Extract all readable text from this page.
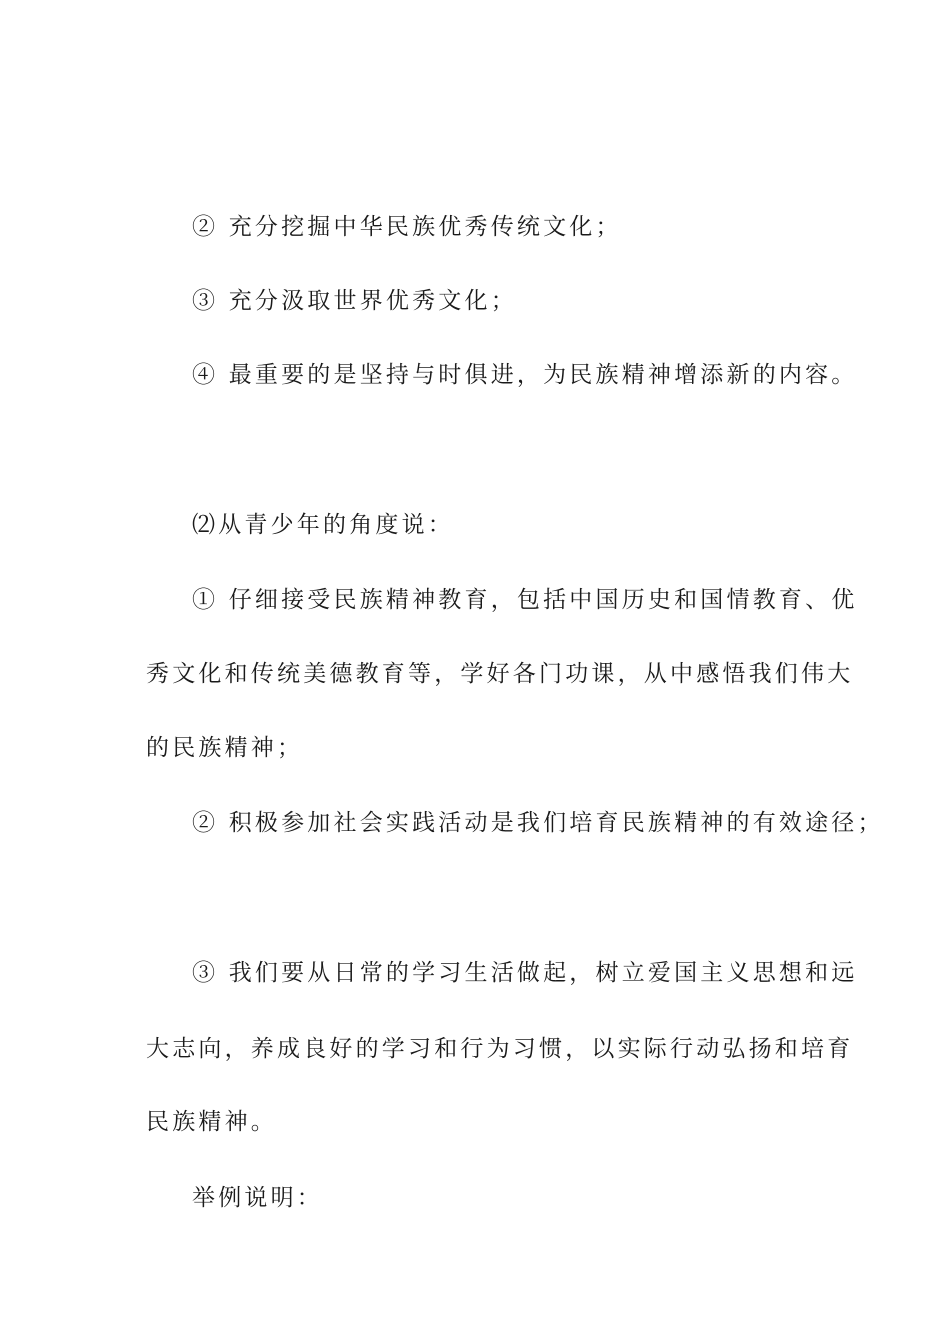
② 充分挖掘中华民族优秀传统文化；
③ 充分汲取世界优秀文化；
④ 最重要的是坚持与时俱进，为民族精神增添新的内容。
⑵从青少年的角度说：
① 仔细接受民族精神教育，包括中国历史和国情教育、优
秀文化和传统美德教育等，学好各门功课，从中感悟我们伟大
的民族精神；
② 积极参加社会实践活动是我们培育民族精神的有效途径；
③ 我们要从日常的学习生活做起，树立爱国主义思想和远
大志向，养成良好的学习和行为习惯，以实际行动弘扬和培育
民族精神。
举例说明：
